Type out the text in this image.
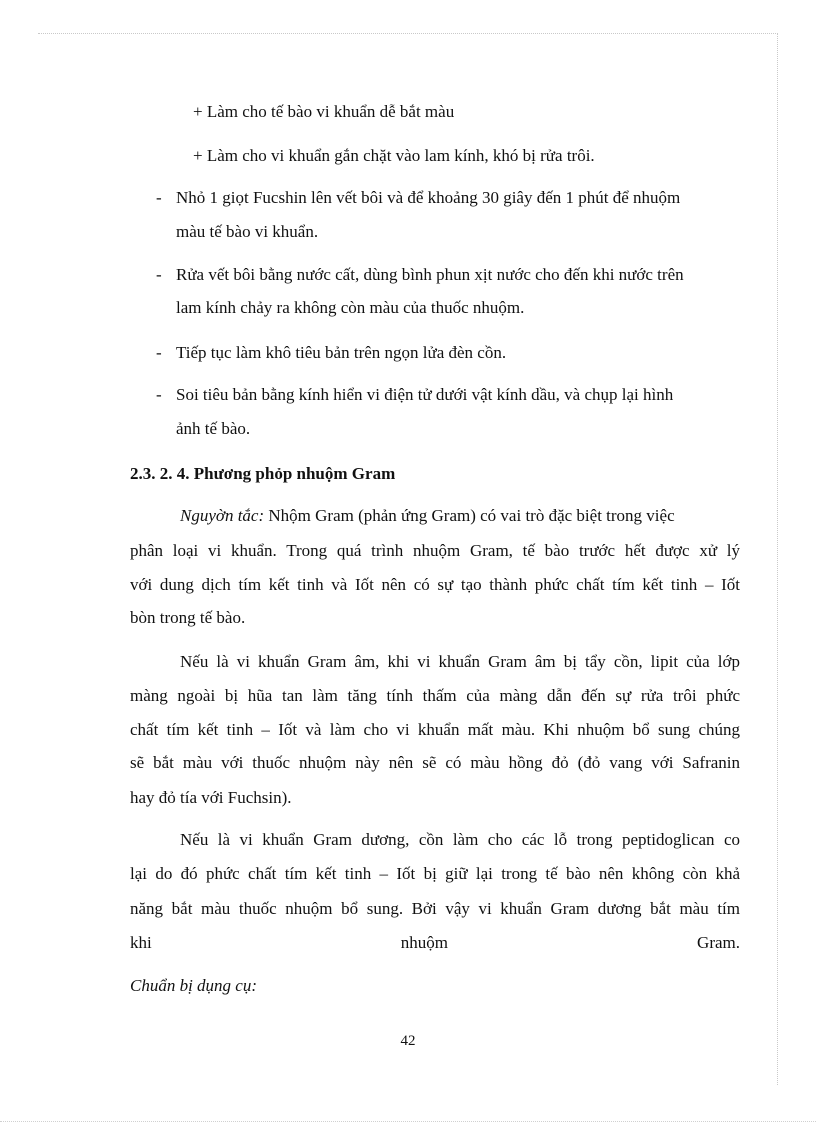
+ Làm cho tế bào vi khuẩn dễ bắt màu
+ Làm cho vi khuẩn gắn chặt vào lam kính, khó bị rửa trôi.
- Nhỏ 1 giọt Fucshin lên vết bôi và để khoảng 30 giây đến 1 phút để nhuộm
màu tế bào vi khuẩn.
- Rửa vết bôi bằng nước cất, dùng bình phun xịt nước cho đến khi nước trên
lam kính chảy ra không còn màu của thuốc nhuộm.
- Tiếp tục làm khô tiêu bản trên ngọn lửa đèn cồn.
- Soi tiêu bản bằng kính hiển vi điện tử dưới vật kính dầu, và chụp lại hình
ảnh tế bào.
2.3. 2. 4. Phương phỏp nhuộm Gram
Nguyờn tắc: Nhộm Gram (phản ứng Gram) có vai trò đặc biệt trong việc
phân loại vi khuẩn. Trong quá trình nhuộm Gram, tế bào trước hết được xử lý
với dung dịch tím kết tinh và Iốt nên có sự tạo thành phức chất tím kết tinh – Iốt
bòn trong tế bào.
Nếu là vi khuẩn Gram âm, khi vi khuẩn Gram âm bị tẩy cồn, lipit của lớp
màng ngoài bị hũa tan làm tăng tính thấm của màng dẫn đến sự rửa trôi phức
chất tím kết tinh – Iốt và làm cho vi khuẩn mất màu. Khi nhuộm bổ sung chúng
sẽ bắt màu với thuốc nhuộm này nên sẽ có màu hồng đỏ (đỏ vang với Safranin
hay đỏ tía với Fuchsin).
Nếu là vi khuẩn Gram dương, cồn làm cho các lỗ trong peptidoglican co
lại do đó phức chất tím kết tinh – Iốt bị giữ lại trong tế bào nên không còn khả
năng bắt màu thuốc nhuộm bổ sung. Bởi vậy vi khuẩn Gram dương bắt màu tím
khi nhuộm Gram.
Chuẩn bị dụng cụ:
42
